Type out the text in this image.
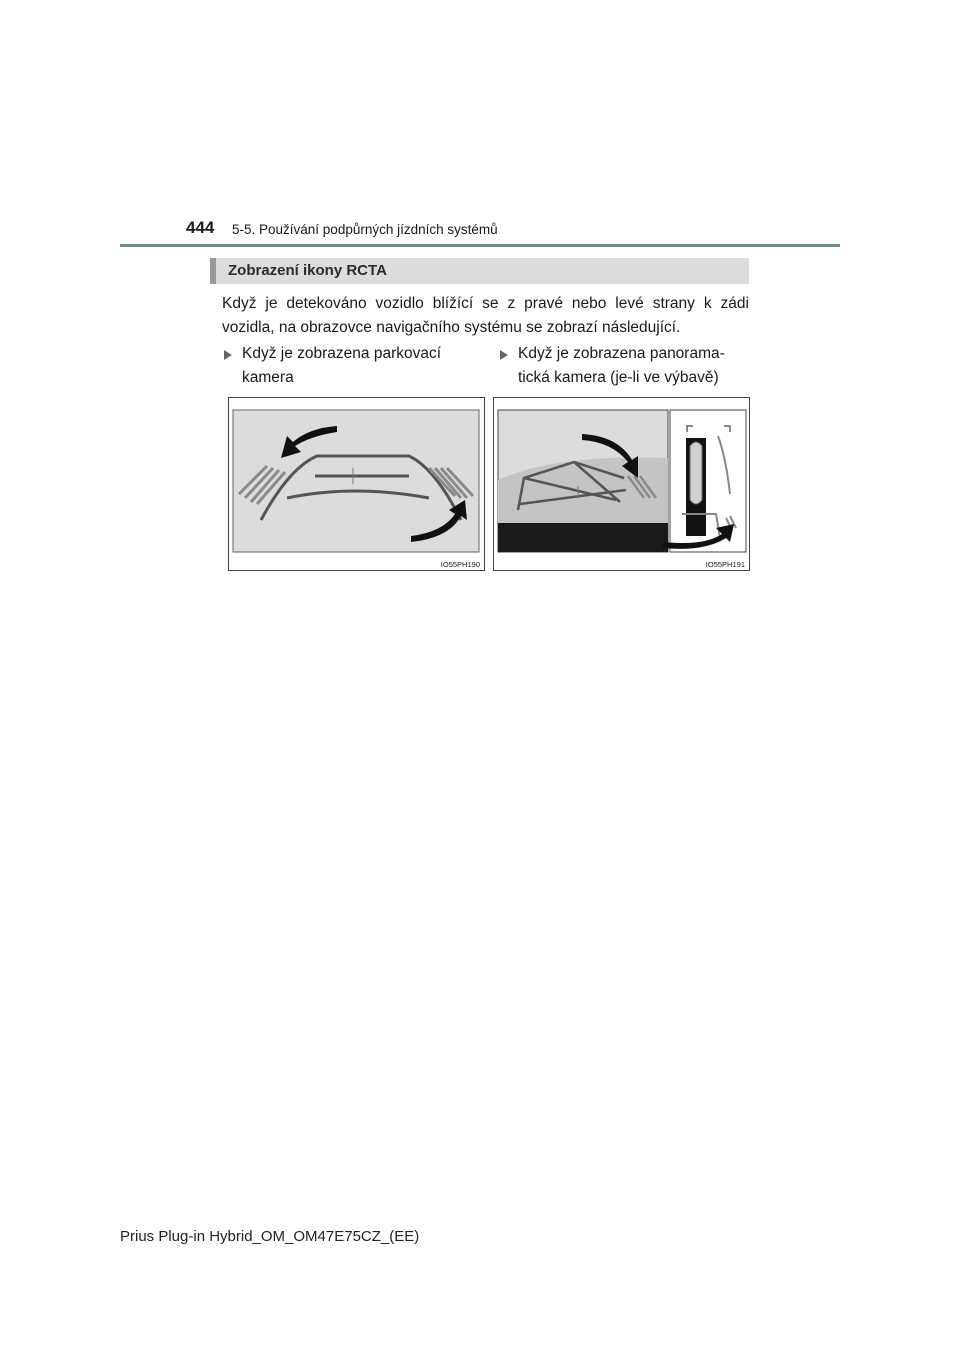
444 5-5. Používání podpůrných jízdních systémů
Zobrazení ikony RCTA
Když je detekováno vozidlo blížící se z pravé nebo levé strany k zádi vozidla, na obrazovce navigačního systému se zobrazí následující.
Když je zobrazena parkovací kamera
Když je zobrazena panorama-tická kamera (je-li ve výbavě)
IO55PH190	IO55PH191
Prius Plug-in Hybrid_OM_OM47E75CZ_(EE)
